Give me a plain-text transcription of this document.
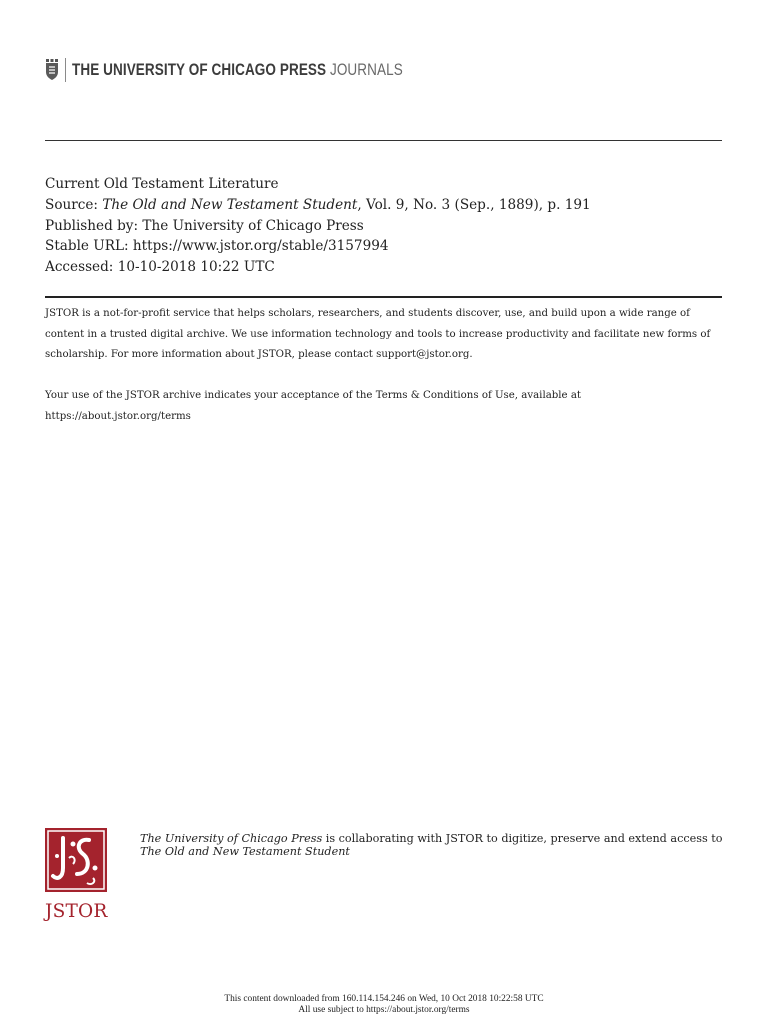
THE UNIVERSITY OF CHICAGO PRESS JOURNALS
Current Old Testament Literature
Source: The Old and New Testament Student, Vol. 9, No. 3 (Sep., 1889), p. 191
Published by: The University of Chicago Press
Stable URL: https://www.jstor.org/stable/3157994
Accessed: 10-10-2018 10:22 UTC

JSTOR is a not-for-profit service that helps scholars, researchers, and students discover, use, and build upon a wide range of content in a trusted digital archive. We use information technology and tools to increase productivity and facilitate new forms of scholarship. For more information about JSTOR, please contact support@jstor.org.

Your use of the JSTOR archive indicates your acceptance of the Terms & Conditions of Use, available at https://about.jstor.org/terms

JSTOR
The University of Chicago Press is collaborating with JSTOR to digitize, preserve and extend access to The Old and New Testament Student
This content downloaded from 160.114.154.246 on Wed, 10 Oct 2018 10:22:58 UTC
All use subject to https://about.jstor.org/terms
